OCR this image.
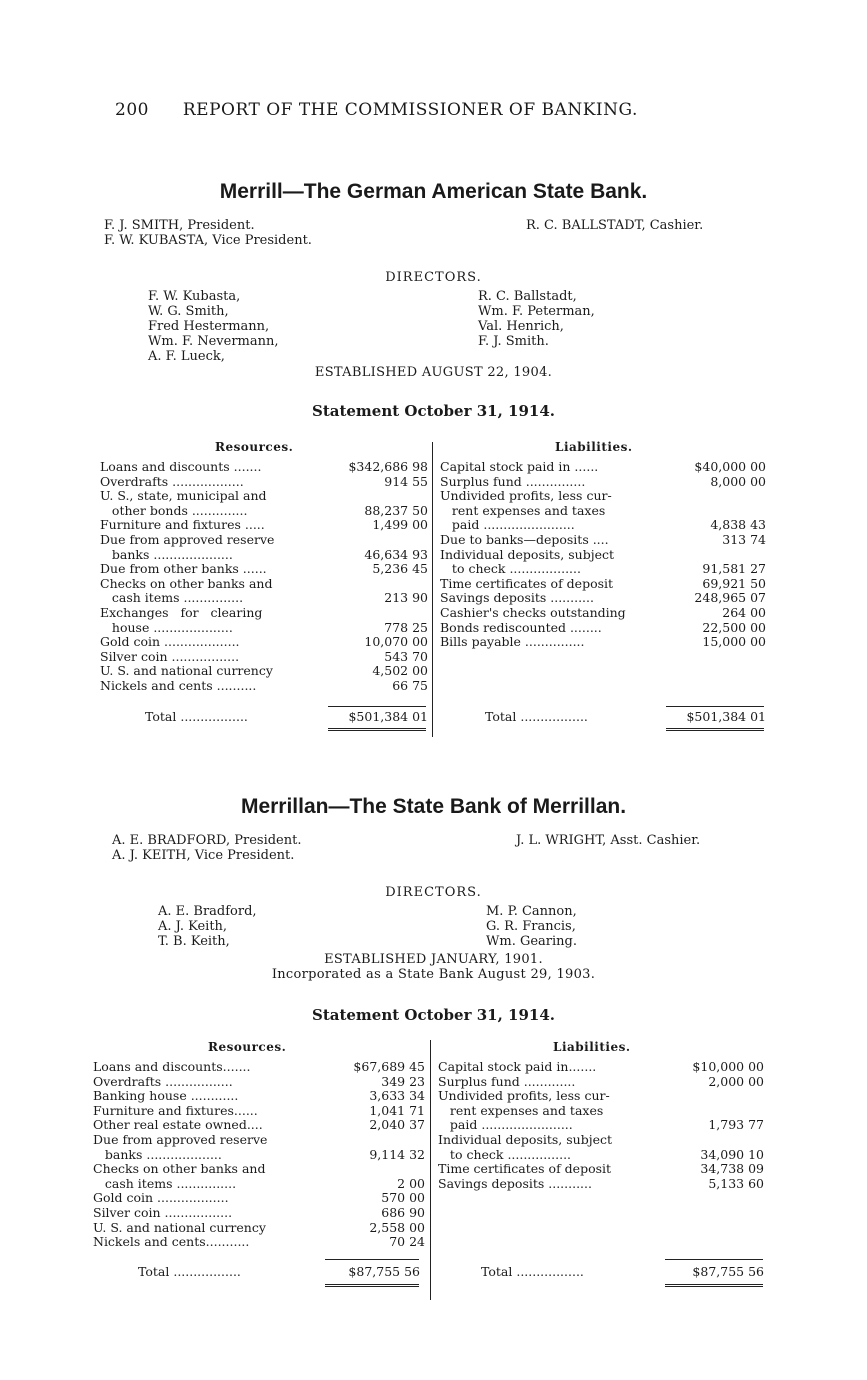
200 REPORT OF THE COMMISSIONER OF BANKING.
Merrill—The German American State Bank.
F. J. SMITH, President.
F. W. KUBASTA, Vice President.
R. C. BALLSTADT, Cashier.
DIRECTORS.
F. W. Kubasta,
W. G. Smith,
Fred Hestermann,
Wm. F. Nevermann,
A. F. Lueck,
R. C. Ballstadt,
Wm. F. Peterman,
Val. Henrich,
F. J. Smith.
ESTABLISHED AUGUST 22, 1904.
Statement October 31, 1914.
Resources.	Liabilities.
Loans and discounts .......	$342,686 98
Overdrafts ..................	914 55
U. S., state, municipal and
other bonds ..............	88,237 50
Furniture and fixtures .....	1,499 00
Due from approved reserve
banks ....................	46,634 93
Due from other banks ......	5,236 45
Checks on other banks and
cash items ...............	213 90
Exchanges   for   clearing
house ....................	778 25
Gold coin ...................	10,070 00
Silver coin .................	543 70
U. S. and national currency	4,502 00
Nickels and cents ..........	66 75
Capital stock paid in ......	$40,000 00
Surplus fund ...............	8,000 00
Undivided profits, less cur-
rent expenses and taxes
paid .......................	4,838 43
Due to banks—deposits ....	313 74
Individual deposits, subject
to check ..................	91,581 27
Time certificates of deposit	69,921 50
Savings deposits ...........	248,965 07
Cashier's checks outstanding	264 00
Bonds rediscounted ........	22,500 00
Bills payable ...............	15,000 00
Total .................	$501,384 01	Total .................	$501,384 01
Merrillan—The State Bank of Merrillan.
A. E. BRADFORD, President.
A. J. KEITH, Vice President.
J. L. WRIGHT, Asst. Cashier.
DIRECTORS.
A. E. Bradford,
A. J. Keith,
T. B. Keith,
M. P. Cannon,
G. R. Francis,
Wm. Gearing.
ESTABLISHED JANUARY, 1901.
Incorporated as a State Bank August 29, 1903.
Statement October 31, 1914.
Resources.	Liabilities.
Loans and discounts.......	$67,689 45
Overdrafts .................	349 23
Banking house ............	3,633 34
Furniture and fixtures......	1,041 71
Other real estate owned....	2,040 37
Due from approved reserve
banks ...................	9,114 32
Checks on other banks and
cash items ...............	2 00
Gold coin ..................	570 00
Silver coin .................	686 90
U. S. and national currency	2,558 00
Nickels and cents...........	70 24
Capital stock paid in.......	$10,000 00
Surplus fund .............	2,000 00
Undivided profits, less cur-
rent expenses and taxes
paid .......................	1,793 77
Individual deposits, subject
to check ................	34,090 10
Time certificates of deposit	34,738 09
Savings deposits ...........	5,133 60
Total .................	$87,755 56	Total .................	$87,755 56
